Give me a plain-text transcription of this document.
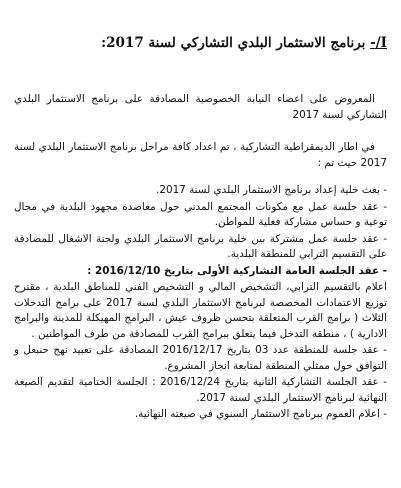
I/- برنامج الاستثمار البلدي التشاركي لسنة 2017:

المعروض على اعضاء النيابة الخصوصية المصادقة على برنامج الاستثمار البلدي التشاركي لسنة 2017

في اطار الديمقراطية التشاركية ، تم اعداد كافة مراحل برنامج الاستثمار البلدي لسنة 2017 حيث تم :

- بعث خلية إعداد برنامج الاستثمار البلدي لسنة 2017.
- عقد جلسة عمل مع مكونات المجتمع المدني حول معاضدة مجهود البلدية في مجال توعية و حساس مشاركة فعلية للمواطن.
- عقد جلسة عمل مشتركة بين خلية برنامج الاستثمار البلدي ولجنة الاشغال للمصادقة على التقسيم الترابي للمنطقة البلدية.
- عقد الجلسة العامة التشاركية الأولى بتاريخ 2016/12/10 :
اعلام بالتقسيم الترابي، التشخيص المالي و التشخيص الفني للمناطق البلدية ، مقترح توزيع الاعتمادات المخصصة لبرنامج الاستثمار البلدي لسنة 2017 على برامج التدخلات الثلاث ( برامج القرب المتعلقة بتحسن ظروف عيش ، البرامج المهيكلة للمدينة والبرامج الادارية ) ، منطقة التدخل فيما يتعلق ببرامج القرب للمصادقة من طرف المواطنين .
- عقد جلسة للمنطقة عدد 03 بتاريخ 2016/12/17 المصادقة على تعبيد نهج حنبعل و التوافق حول ممثلي المنطقة لمتابعة انجاز المشروع.
- عقد الجلسة التشاركية الثانية بتاريخ 2016/12/24 : الجلسة الختامية لتقديم الصيغة النهائية لبرنامج الاستثمار البلدي لسنة 2017.
- اعلام العموم ببرنامج الاستثمار السنوي في صيغته النهائية.
